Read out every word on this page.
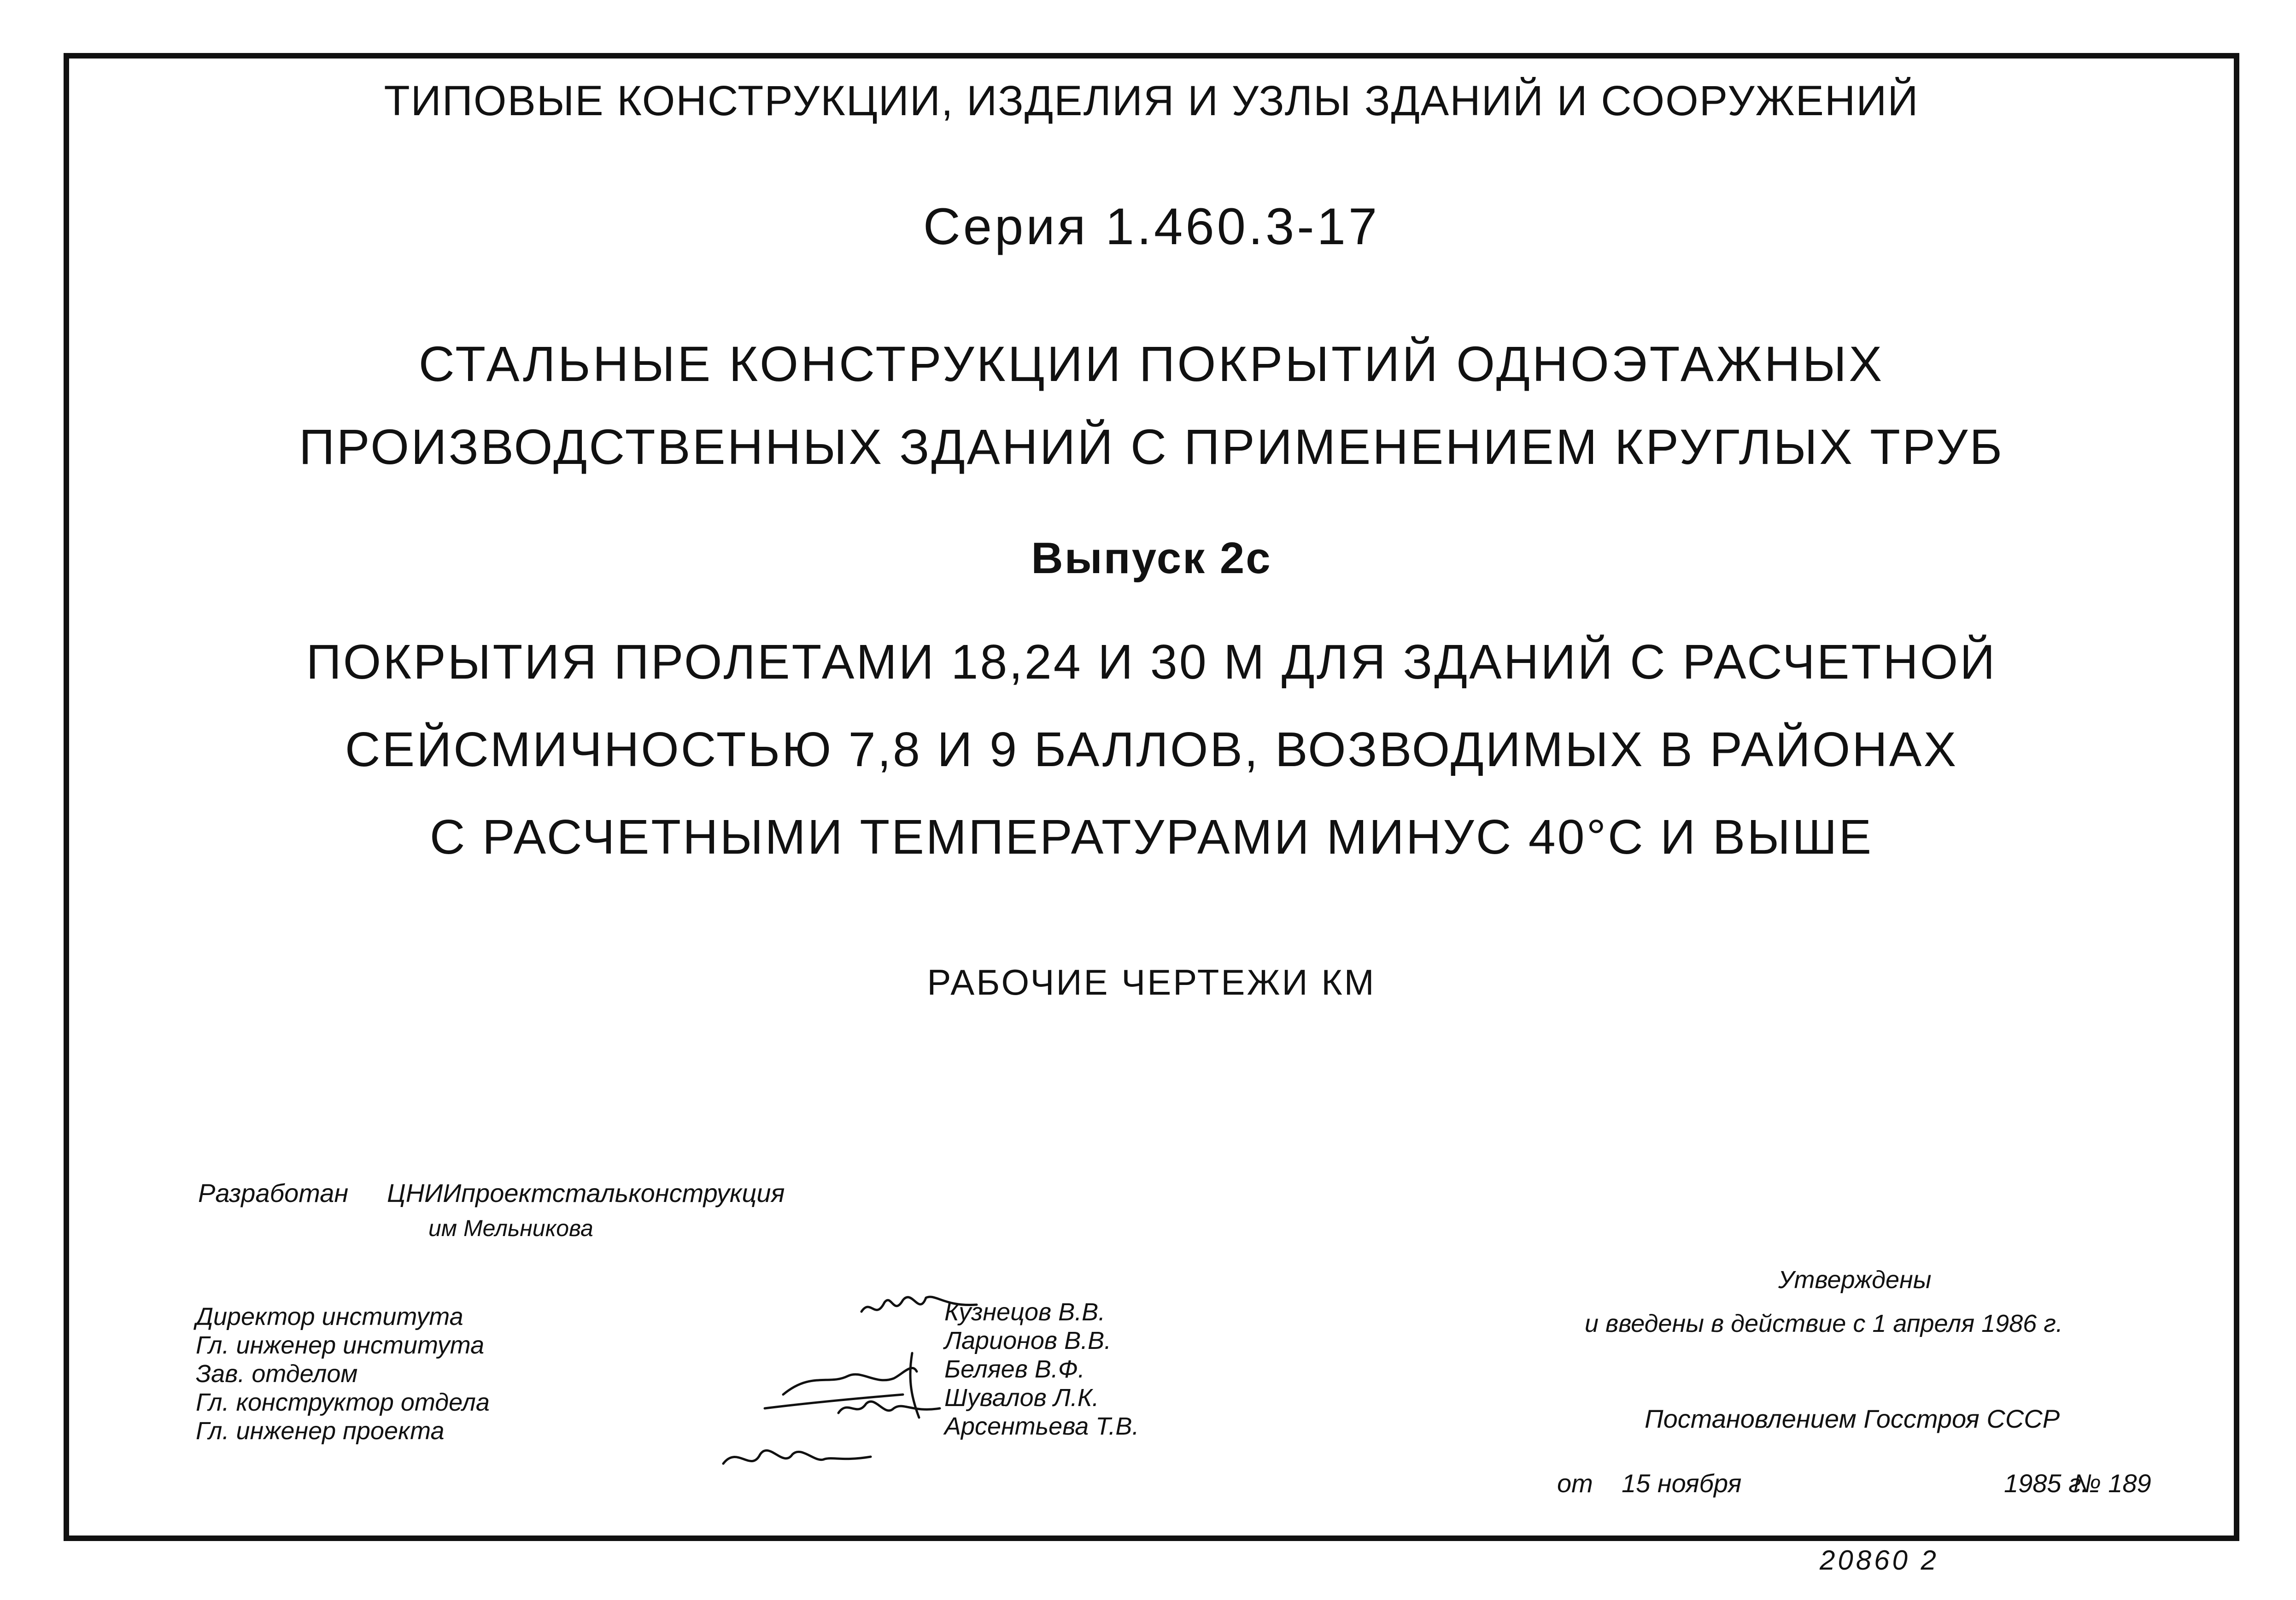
ТИПОВЫЕ КОНСТРУКЦИИ, ИЗДЕЛИЯ И УЗЛЫ ЗДАНИЙ И СООРУЖЕНИЙ
Серия 1.460.3-17
СТАЛЬНЫЕ КОНСТРУКЦИИ ПОКРЫТИЙ ОДНОЭТАЖНЫХ
ПРОИЗВОДСТВЕННЫХ ЗДАНИЙ С ПРИМЕНЕНИЕМ КРУГЛЫХ ТРУБ
Выпуск 2с
ПОКРЫТИЯ ПРОЛЕТАМИ 18,24 И 30 М ДЛЯ ЗДАНИЙ С РАСЧЕТНОЙ
СЕЙСМИЧНОСТЬЮ 7,8 И 9 БАЛЛОВ, ВОЗВОДИМЫХ В РАЙОНАХ
С РАСЧЕТНЫМИ ТЕМПЕРАТУРАМИ МИНУС 40°С И ВЫШЕ
РАБОЧИЕ ЧЕРТЕЖИ КМ
Разработан ЦНИИпроектстальконструкция
им Мельникова
Директор института
Гл. инженер института
Зав. отделом
Гл. конструктор отдела
Гл. инженер проекта
Кузнецов В.В.
Ларионов В.В.
Беляев В.Ф.
Шувалов Л.К.
Арсентьева Т.В.
Утверждены
и введены в действие с 1 апреля 1986 г.
Постановлением Госстроя СССР
от 15 ноября	1985 г.
№ 189
20860 2
